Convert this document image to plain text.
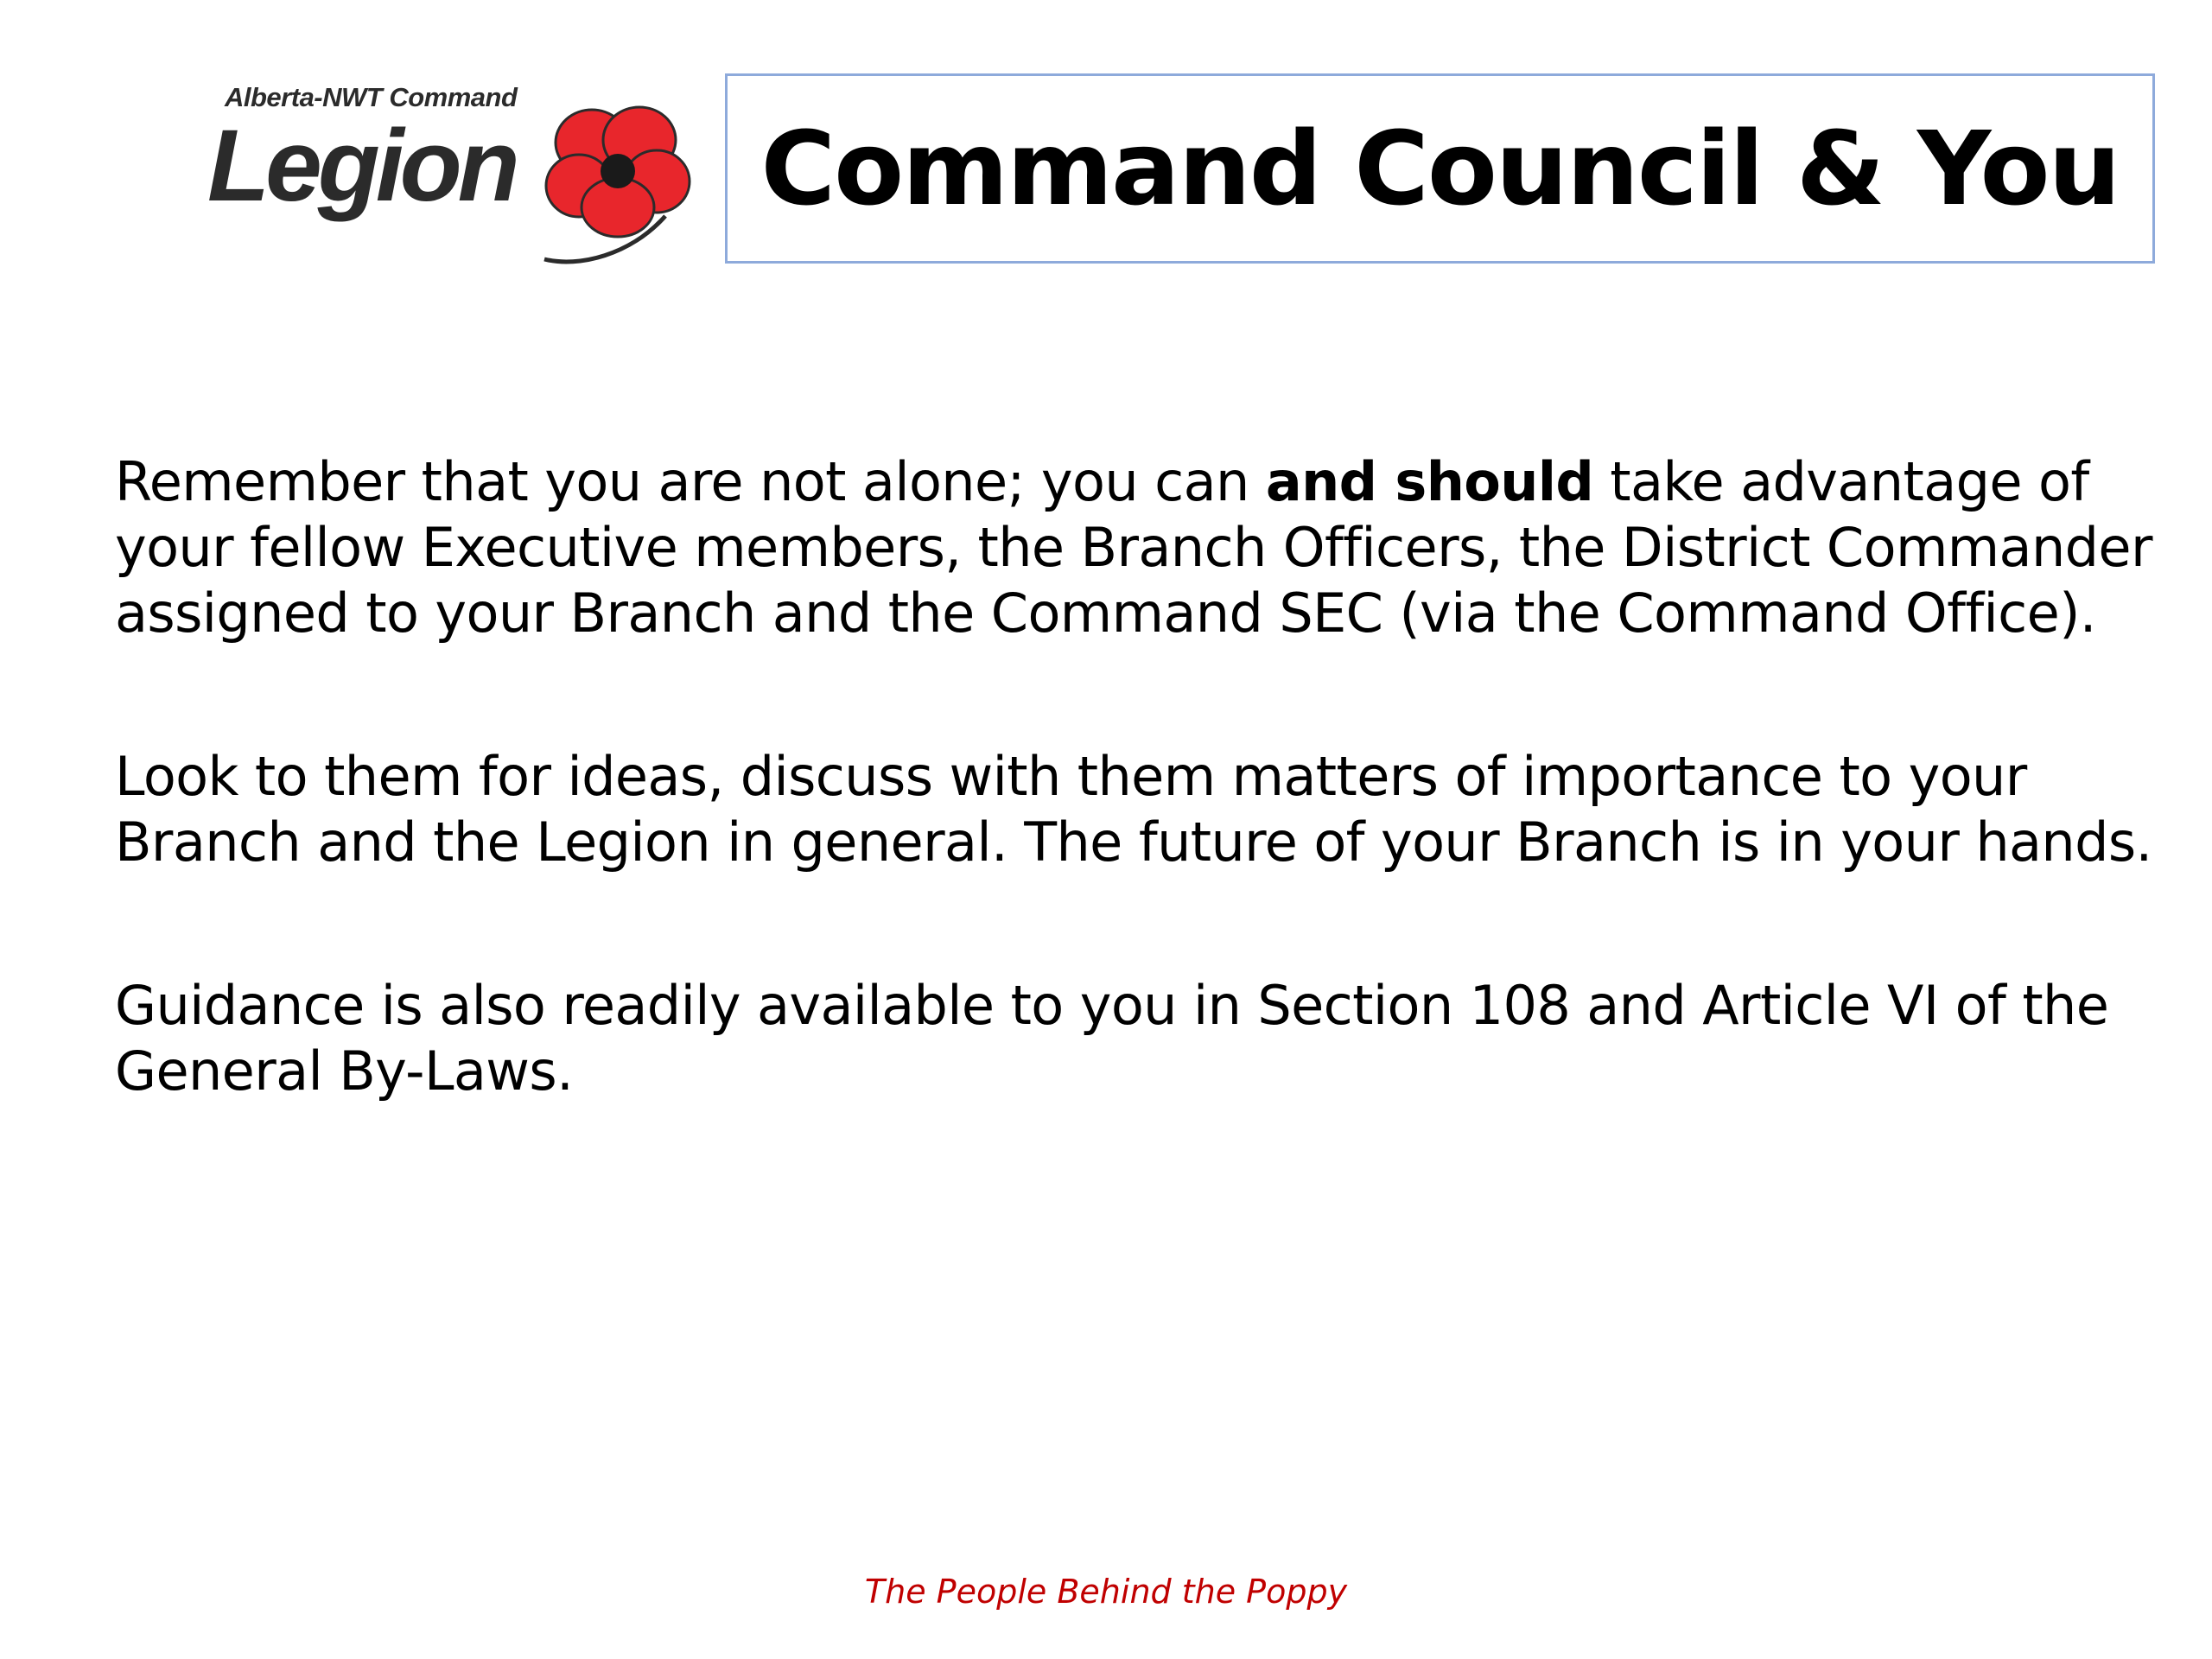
Alberta-NWT Command
Legion Command Council & You

Remember that you are not alone; you can and should take advantage of your fellow Executive members, the Branch Officers, the District Commander assigned to your Branch and the Command SEC (via the Command Office).

Look to them for ideas, discuss with them matters of importance to your Branch and the Legion in general. The future of your Branch is in your hands.

Guidance is also readily available to you in Section 108 and Article VI of the General By-Laws.

The People Behind the Poppy
